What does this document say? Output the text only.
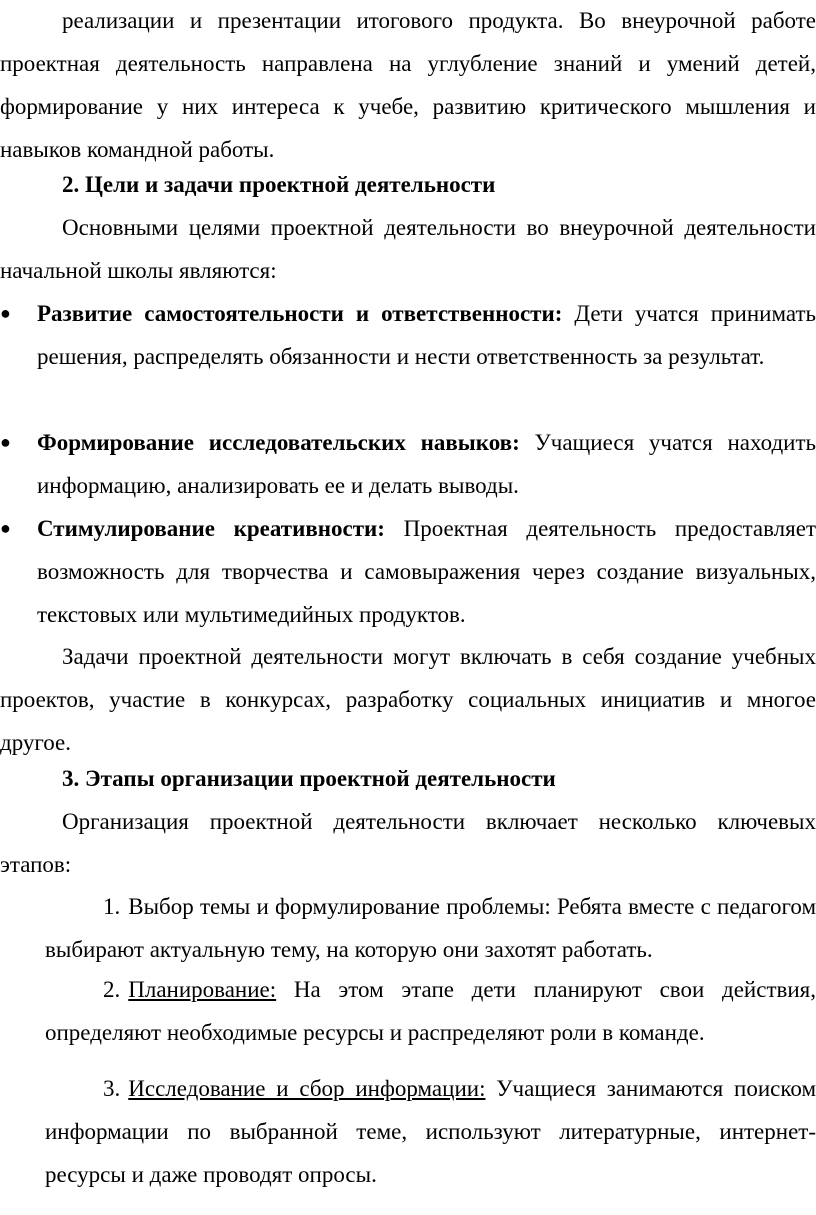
реализации и презентации итогового продукта. Во внеурочной работе проектная деятельность направлена на углубление знаний и умений детей, формирование у них интереса к учебе, развитию критического мышления и навыков командной работы.

2. Цели и задачи проектной деятельности

Основными целями проектной деятельности во внеурочной деятельности начальной школы являются:

●	Развитие самостоятельности и ответственности: Дети учатся принимать решения, распределять обязанности и нести ответственность за результат.

●	Формирование исследовательских навыков: Учащиеся учатся находить информацию, анализировать ее и делать выводы.

●	Стимулирование креативности: Проектная деятельность предоставляет возможность для творчества и самовыражения через создание визуальных, текстовых или мультимедийных продуктов.

Задачи проектной деятельности могут включать в себя создание учебных проектов, участие в конкурсах, разработку социальных инициатив и многое другое.

3. Этапы организации проектной деятельности

Организация проектной деятельности включает несколько ключевых этапов:

1. Выбор темы и формулирование проблемы: Ребята вместе с педагогом выбирают актуальную тему, на которую они захотят работать.

2. Планирование: На этом этапе дети планируют свои действия, определяют необходимые ресурсы и распределяют роли в команде.

3. Исследование и сбор информации: Учащиеся занимаются поиском информации по выбранной теме, используют литературные, интернет-ресурсы и даже проводят опросы.
